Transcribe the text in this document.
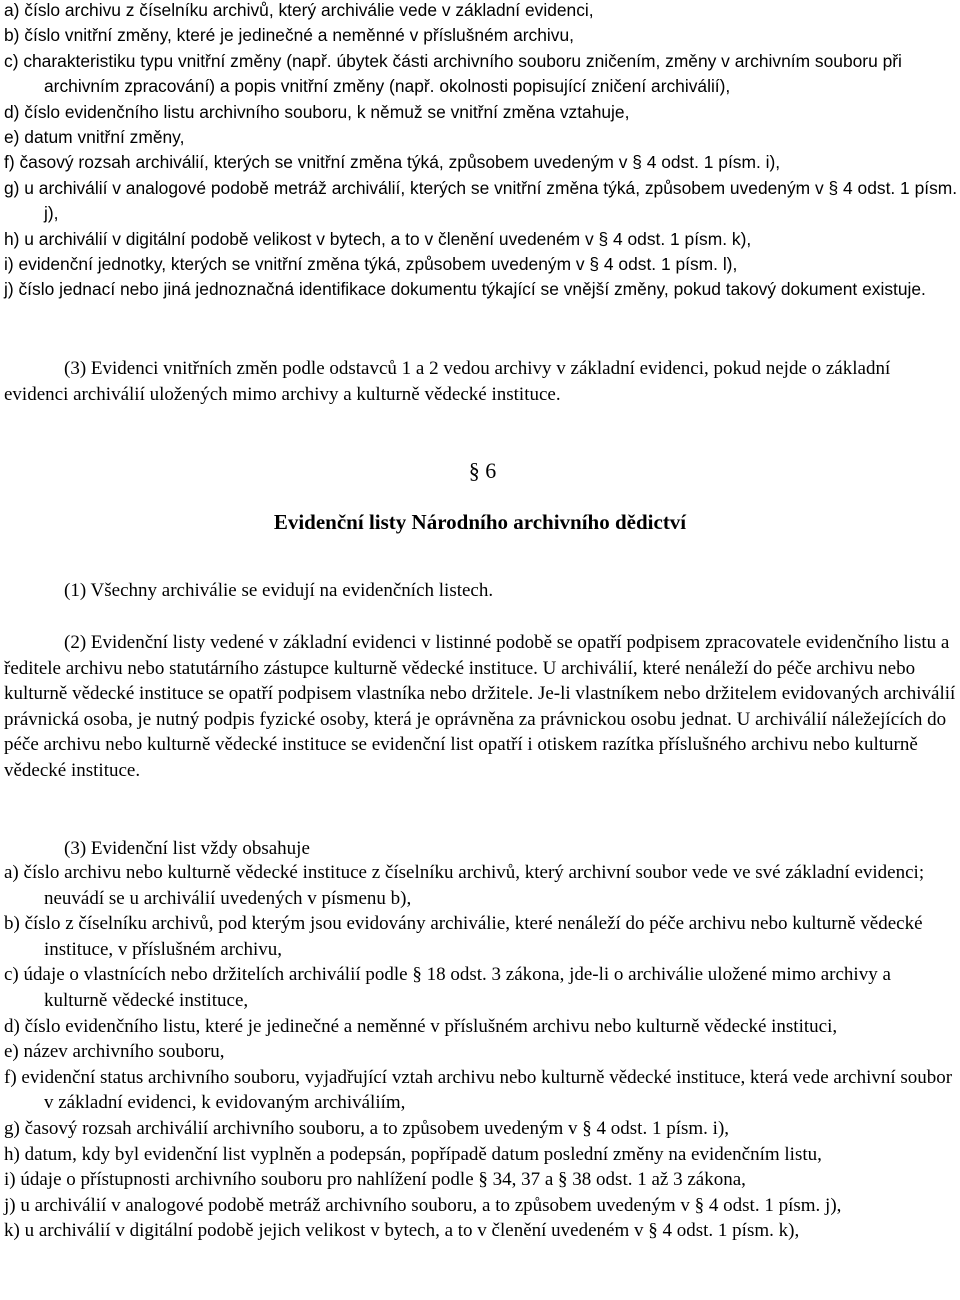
a) číslo archivu z číselníku archivů, který archiválie vede v základní evidenci,

b) číslo vnitřní změny, které je jedinečné a neměnné v příslušném archivu,

c) charakteristiku typu vnitřní změny (např. úbytek části archivního souboru zničením, změny v archivním souboru při archivním zpracování) a popis vnitřní změny (např. okolnosti popisující zničení archiválií),

d) číslo evidenčního listu archivního souboru, k němuž se vnitřní změna vztahuje,

e) datum vnitřní změny,

f) časový rozsah archiválií, kterých se vnitřní změna týká, způsobem uvedeným v § 4 odst. 1 písm. i),

g) u archiválií v analogové podobě metráž archiválií, kterých se vnitřní změna týká, způsobem uvedeným v § 4 odst. 1 písm. j),

h) u archiválií v digitální podobě velikost v bytech, a to v členění uvedeném v § 4 odst. 1 písm. k),

i) evidenční jednotky, kterých se vnitřní změna týká, způsobem uvedeným v § 4 odst. 1 písm. l),

j) číslo jednací nebo jiná jednoznačná identifikace dokumentu týkající se vnější změny, pokud takový dokument existuje.

(3) Evidenci vnitřních změn podle odstavců 1 a 2 vedou archivy v základní evidenci, pokud nejde o základní evidenci archiválií uložených mimo archivy a kulturně vědecké instituce.

§ 6

Evidenční listy Národního archivního dědictví

(1) Všechny archiválie se evidují na evidenčních listech.

(2) Evidenční listy vedené v základní evidenci v listinné podobě se opatří podpisem zpracovatele evidenčního listu a ředitele archivu nebo statutárního zástupce kulturně vědecké instituce. U archiválií, které nenáleží do péče archivu nebo kulturně vědecké instituce se opatří podpisem vlastníka nebo držitele. Je-li vlastníkem nebo držitelem evidovaných archiválií právnická osoba, je nutný podpis fyzické osoby, která je oprávněna za právnickou osobu jednat. U archiválií náležejících do péče archivu nebo kulturně vědecké instituce se evidenční list opatří i otiskem razítka příslušného archivu nebo kulturně vědecké instituce.

(3) Evidenční list vždy obsahuje

a) číslo archivu nebo kulturně vědecké instituce z číselníku archivů, který archivní soubor vede ve své základní evidenci; neuvádí se u archiválií uvedených v písmenu b),

b) číslo z číselníku archivů, pod kterým jsou evidovány archiválie, které nenáleží do péče archivu nebo kulturně vědecké instituce, v příslušném archivu,

c) údaje o vlastnících nebo držitelích archiválií podle § 18 odst. 3 zákona, jde-li o archiválie uložené mimo archivy a kulturně vědecké instituce,

d) číslo evidenčního listu, které je jedinečné a neměnné v příslušném archivu nebo kulturně vědecké instituci,

e) název archivního souboru,

f) evidenční status archivního souboru, vyjadřující vztah archivu nebo kulturně vědecké instituce, která vede archivní soubor v základní evidenci, k evidovaným archiváliím,

g) časový rozsah archiválií archivního souboru, a to způsobem uvedeným v § 4 odst. 1 písm. i),

h) datum, kdy byl evidenční list vyplněn a podepsán, popřípadě datum poslední změny na evidenčním listu,

i) údaje o přístupnosti archivního souboru pro nahlížení podle § 34, 37 a § 38 odst. 1 až 3 zákona,

j) u archiválií v analogové podobě metráž archivního souboru, a to způsobem uvedeným v § 4 odst. 1 písm. j),

k) u archiválií v digitální podobě jejich velikost v bytech, a to v členění uvedeném v § 4 odst. 1 písm. k),
